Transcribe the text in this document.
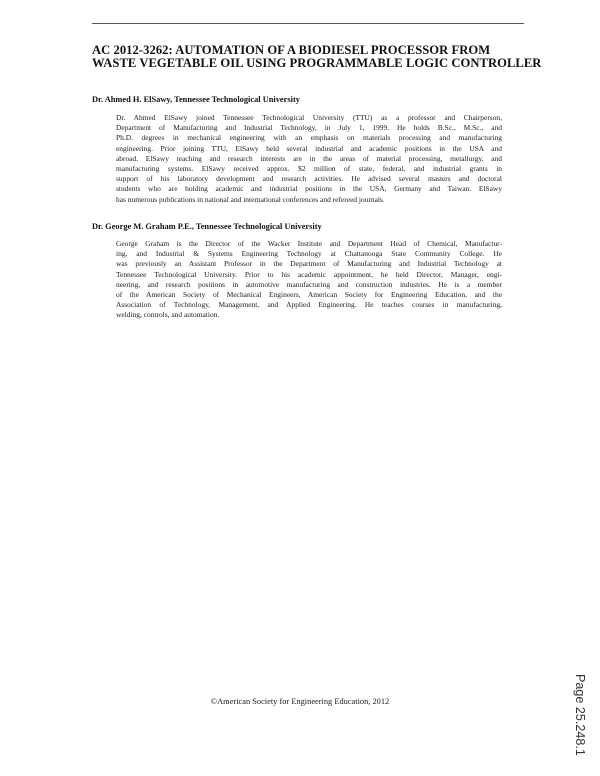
AC 2012-3262: AUTOMATION OF A BIODIESEL PROCESSOR FROM
WASTE VEGETABLE OIL USING PROGRAMMABLE LOGIC CONTROLLER

Dr. Ahmed H. ElSawy, Tennessee Technological University

Dr. Ahmed ElSawy joined Tennessee Technological University (TTU) as a professor and Chairperson,
Department of Manufacturing and Industrial Technology, in July 1, 1999. He holds B.Sc., M.Sc., and
Ph.D. degrees in mechanical engineering with an emphasis on materials processing and manufacturing
engineering. Prior joining TTU, ElSawy held several industrial and academic positions in the USA and
abroad. ElSawy teaching and research interests are in the areas of material processing, metallurgy, and
manufacturing systems. ElSawy received approx. $2 million of state, federal, and industrial grants in
support of his laboratory development and research activities. He advised several masters and doctoral
students who are holding academic and industrial positions in the USA, Germany and Taiwan. ElSawy
has numerous publications in national and international conferences and refereed journals.

Dr. George M. Graham P.E., Tennessee Technological University

George Graham is the Director of the Wacker Institute and Department Head of Chemical, Manufactur-
ing, and Industrial & Systems Engineering Technology at Chattanooga State Community College. He
was previously an Assistant Professor in the Department of Manufacturing and Industrial Technology at
Tennessee Technological University. Prior to his academic appointment, he held Director, Manager, engi-
neering, and research positions in automotive manufacturing and construction industries. He is a member
of the American Society of Mechanical Engineers, American Society for Engineering Education, and the
Association of Technology, Management, and Applied Engineering. He teaches courses in manufacturing,
welding, controls, and automation.
©American Society for Engineering Education, 2012	Page 25.248.1
